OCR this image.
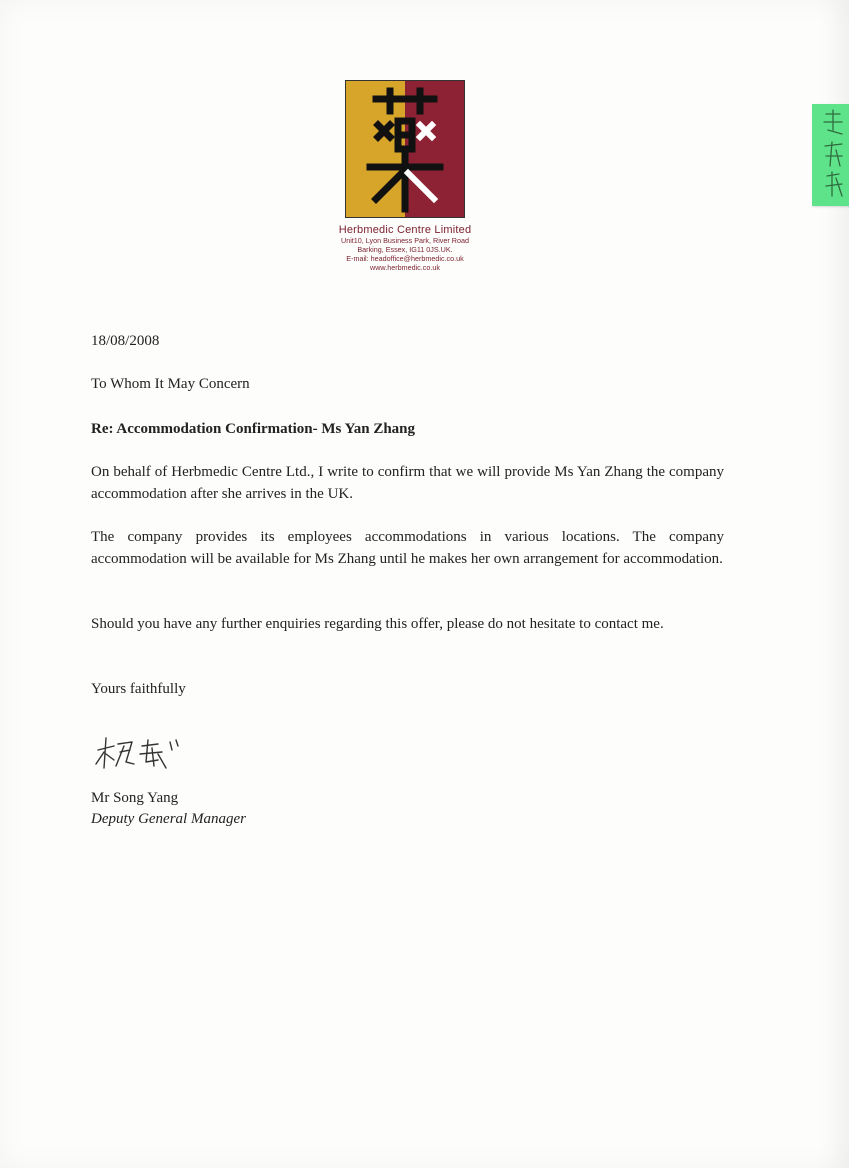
Herbmedic Centre Limited
Unit10, Lyon Business Park, River Road
Barking, Essex, IG11 0JS.UK.
E-mail: headoffice@herbmedic.co.uk
www.herbmedic.co.uk
18/08/2008
To Whom It May Concern
Re: Accommodation Confirmation- Ms Yan Zhang
On behalf of Herbmedic Centre Ltd., I write to confirm that we will provide Ms Yan Zhang the company accommodation after she arrives in the UK.
The company provides its employees accommodations in various locations. The company accommodation will be available for Ms Zhang until he makes her own arrangement for accommodation.
Should you have any further enquiries regarding this offer, please do not hesitate to contact me.
Yours faithfully
Mr Song Yang
Deputy General Manager
